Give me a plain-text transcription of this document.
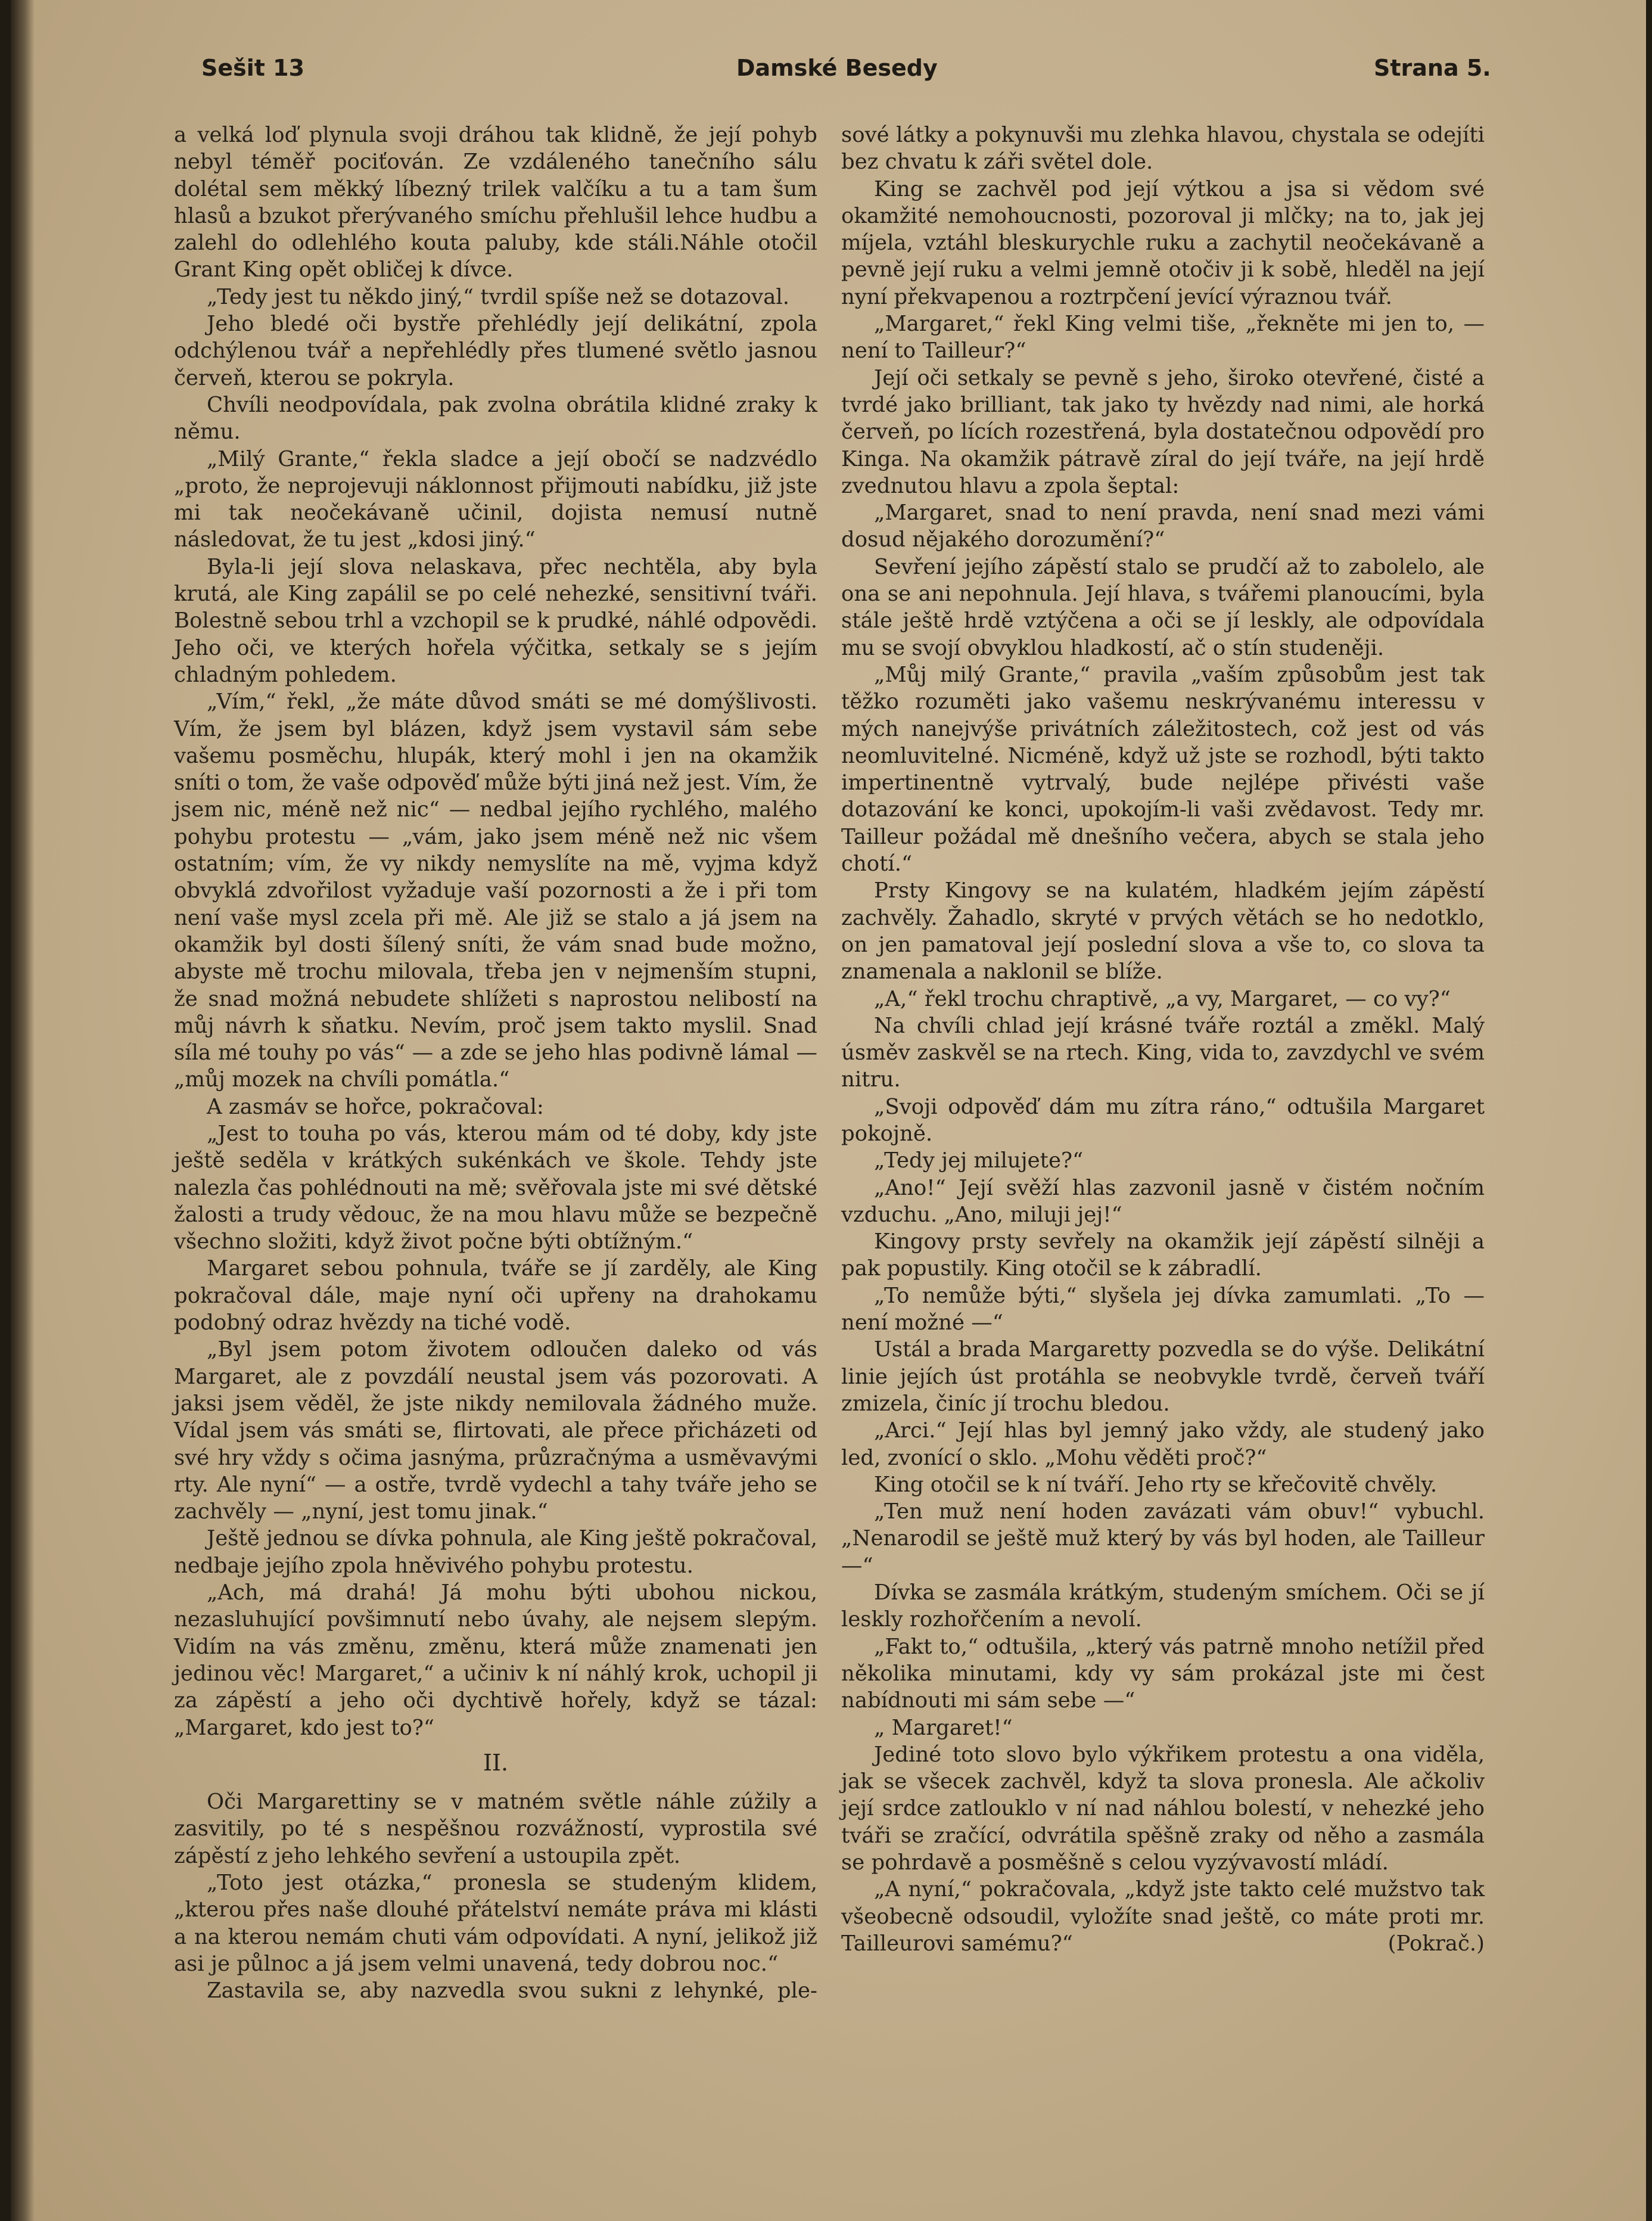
Sešit 13	Damské Besedy	Strana 5.

a velká loď plynula svoji dráhou tak klidně, že její pohyb nebyl téměř pociťován. Ze vzdáleného tanečního sálu dolétal sem měkký líbezný trilek valčíku a tu a tam šum hlasů a bzukot přerývaného smíchu přehlušil lehce hudbu a zalehl do odlehlého kouta paluby, kde stáli.Náhle otočil Grant King opět obličej k dívce.

„Tedy jest tu někdo jiný,“ tvrdil spíše než se dotazoval.

Jeho bledé oči bystře přehlédly její delikátní, zpola odchýlenou tvář a nepřehlédly přes tlumené světlo jasnou červeň, kterou se pokryla.

Chvíli neodpovídala, pak zvolna obrátila klidné zraky k němu.

„Milý Grante,“ řekla sladce a její obočí se nadzvédlo „proto, že neprojevuji náklonnost přijmouti nabídku, již jste mi tak neočekávaně učinil, dojista nemusí nutně následovat, že tu jest „kdosi jiný.“

Byla-li její slova nelaskava, přec nechtěla, aby byla krutá, ale King zapálil se po celé nehezké, sensitivní tváři. Bolestně sebou trhl a vzchopil se k prudké, náhlé odpovědi. Jeho oči, ve kterých hořela výčitka, setkaly se s jejím chladným pohledem.

„Vím,“ řekl, „že máte důvod smáti se mé domýšlivosti. Vím, že jsem byl blázen, když jsem vystavil sám sebe vašemu posměchu, hlupák, který mohl i jen na okamžik sníti o tom, že vaše odpověď může býti jiná než jest. Vím, že jsem nic, méně než nic“ — nedbal jejího rychlého, malého pohybu protestu — „vám, jako jsem méně než nic všem ostatním; vím, že vy nikdy nemyslíte na mě, vyjma když obvyklá zdvořilost vyžaduje vaší pozornosti a že i při tom není vaše mysl zcela při mě. Ale již se stalo a já jsem na okamžik byl dosti šílený sníti, že vám snad bude možno, abyste mě trochu milovala, třeba jen v nejmenším stupni, že snad možná nebudete shlížeti s naprostou nelibostí na můj návrh k sňatku. Nevím, proč jsem takto myslil. Snad síla mé touhy po vás“ — a zde se jeho hlas podivně lámal — „můj mozek na chvíli pomátla.“

A zasmáv se hořce, pokračoval:

„Jest to touha po vás, kterou mám od té doby, kdy jste ještě seděla v krátkých sukénkách ve škole. Tehdy jste nalezla čas pohlédnouti na mě; svěřovala jste mi své dětské žalosti a trudy vědouc, že na mou hlavu může se bezpečně všechno složiti, když život počne býti obtížným.“

Margaret sebou pohnula, tváře se jí zarděly, ale King pokračoval dále, maje nyní oči upřeny na drahokamu podobný odraz hvězdy na tiché vodě.

„Byl jsem potom životem odloučen daleko od vás Margaret, ale z povzdálí neustal jsem vás pozorovati. A jaksi jsem věděl, že jste nikdy nemilovala žádného muže. Vídal jsem vás smáti se, flirtovati, ale přece přicházeti od své hry vždy s očima jasnýma, průzračnýma a usměvavými rty. Ale nyní“ — a ostře, tvrdě vydechl a tahy tváře jeho se zachvěly — „nyní, jest tomu jinak.“

Ještě jednou se dívka pohnula, ale King ještě pokračoval, nedbaje jejího zpola hněvivého pohybu protestu.

„Ach, má drahá! Já mohu býti ubohou nickou, nezasluhující povšimnutí nebo úvahy, ale nejsem slepým. Vidím na vás změnu, změnu, která může znamenati jen jedinou věc! Margaret,“ a učiniv k ní náhlý krok, uchopil ji za zápěstí a jeho oči dychtivě hořely, když se tázal: „Margaret, kdo jest to?“

II.

Oči Margarettiny se v matném světle náhle zúžily a zasvitily, po té s nespěšnou rozvážností, vyprostila své zápěstí z jeho lehkého sevření a ustoupila zpět.

„Toto jest otázka,“ pronesla se studeným klidem, „kterou přes naše dlouhé přátelství nemáte práva mi klásti a na kterou nemám chuti vám odpovídati. A nyní, jelikož již asi je půlnoc a já jsem velmi unavená, tedy dobrou noc.“

Zastavila se, aby nazvedla svou sukni z lehynké, ple-

sové látky a pokynuvši mu zlehka hlavou, chystala se odejíti bez chvatu k záři světel dole.

King se zachvěl pod její výtkou a jsa si vědom své okamžité nemohoucnosti, pozoroval ji mlčky; na to, jak jej míjela, vztáhl bleskurychle ruku a zachytil neočekávaně a pevně její ruku a velmi jemně otočiv ji k sobě, hleděl na její nyní překvapenou a roztrpčení jevící výraznou tvář.

„Margaret,“ řekl King velmi tiše, „řekněte mi jen to, — není to Tailleur?“

Její oči setkaly se pevně s jeho, široko otevřené, čisté a tvrdé jako brilliant, tak jako ty hvězdy nad nimi, ale horká červeň, po lících rozestřená, byla dostatečnou odpovědí pro Kinga. Na okamžik pátravě zíral do její tváře, na její hrdě zvednutou hlavu a zpola šeptal:

„Margaret, snad to není pravda, není snad mezi vámi dosud nějakého dorozumění?“

Sevření jejího zápěstí stalo se prudčí až to zabolelo, ale ona se ani nepohnula. Její hlava, s tvářemi planoucími, byla stále ještě hrdě vztýčena a oči se jí leskly, ale odpovídala mu se svojí obvyklou hladkostí, ač o stín studeněji.

„Můj milý Grante,“ pravila „vaším způsobům jest tak těžko rozuměti jako vašemu neskrývanému interessu v mých nanejvýše privátních záležitostech, což jest od vás neomluvitelné. Nicméně, když už jste se rozhodl, býti takto impertinentně vytrvalý, bude nejlépe přivésti vaše dotazování ke konci, upokojím-li vaši zvědavost. Tedy mr. Tailleur požádal mě dnešního večera, abych se stala jeho chotí.“

Prsty Kingovy se na kulatém, hladkém jejím zápěstí zachvěly. Žahadlo, skryté v prvých větách se ho nedotklo, on jen pamatoval její poslední slova a vše to, co slova ta znamenala a naklonil se blíže.

„A,“ řekl trochu chraptivě, „a vy, Margaret, — co vy?“

Na chvíli chlad její krásné tváře roztál a změkl. Malý úsměv zaskvěl se na rtech. King, vida to, zavzdychl ve svém nitru.

„Svoji odpověď dám mu zítra ráno,“ odtušila Margaret pokojně.

„Tedy jej milujete?“

„Ano!“ Její svěží hlas zazvonil jasně v čistém nočním vzduchu. „Ano, miluji jej!“

Kingovy prsty sevřely na okamžik její zápěstí silněji a pak popustily. King otočil se k zábradlí.

„To nemůže býti,“ slyšela jej dívka zamumlati. „To — není možné —“

Ustál a brada Margaretty pozvedla se do výše. Delikátní linie jejích úst protáhla se neobvykle tvrdě, červeň tváří zmizela, činíc jí trochu bledou.

„Arci.“ Její hlas byl jemný jako vždy, ale studený jako led, zvonící o sklo. „Mohu věděti proč?“

King otočil se k ní tváří. Jeho rty se křečovitě chvěly.

„Ten muž není hoden zavázati vám obuv!“ vybuchl. „Nenarodil se ještě muž který by vás byl hoden, ale Tailleur —“

Dívka se zasmála krátkým, studeným smíchem. Oči se jí leskly rozhořčením a nevolí.

„Fakt to,“ odtušila, „který vás patrně mnoho netížil před několika minutami, kdy vy sám prokázal jste mi čest nabídnouti mi sám sebe —“

„ Margaret!“

Jediné toto slovo bylo výkřikem protestu a ona viděla, jak se všecek zachvěl, když ta slova pronesla. Ale ačkoliv její srdce zatlouklo v ní nad náhlou bolestí, v nehezké jeho tváři se zračící, odvrátila spěšně zraky od něho a zasmála se pohrdavě a posměšně s celou vyzývavostí mládí.

„A nyní,“ pokračovala, „když jste takto celé mužstvo tak všeobecně odsoudil, vyložíte snad ještě, co máte proti mr. Tailleurovi samému?“	(Pokrač.)
